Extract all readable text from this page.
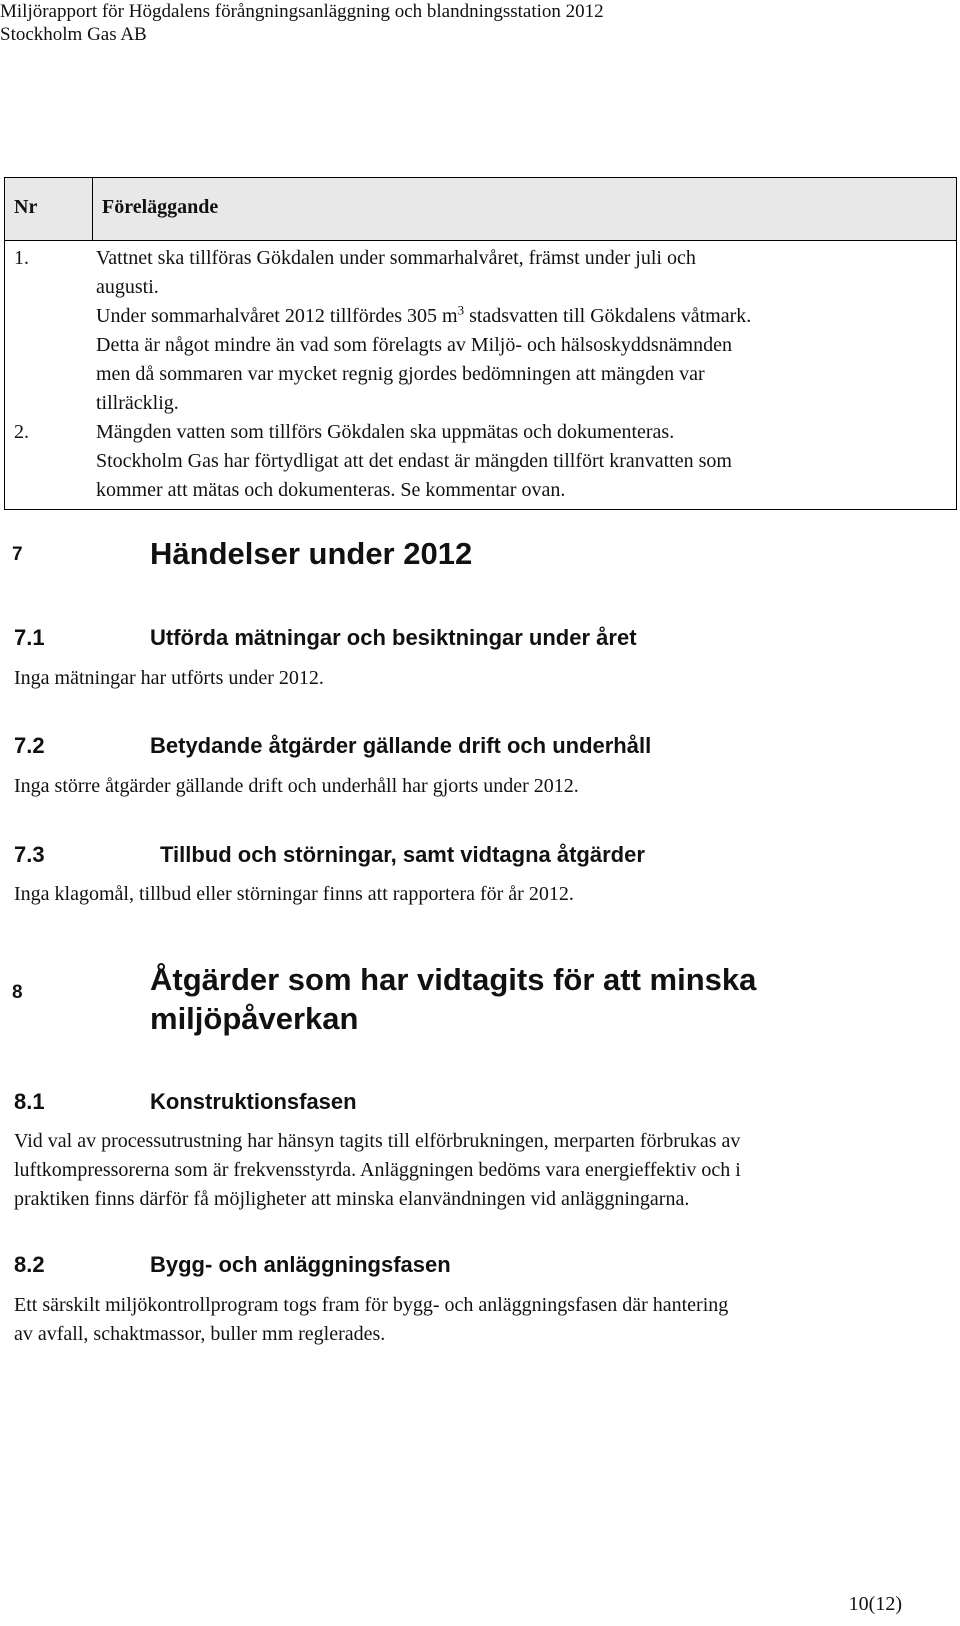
Miljörapport för Högdalens förångningsanläggning och blandningsstation 2012
Stockholm Gas AB
Nr	Föreläggande

1.	Vattnet ska tillföras Gökdalen under sommarhalvåret, främst under juli och
augusti.
Under sommarhalvåret 2012 tillfördes 305 $m^3$ stadsvatten till Gökdalens våtmark.
Detta är något mindre än vad som förelagts av Miljö- och hälsoskyddsnämnden
men då sommaren var mycket regnig gjordes bedömningen att mängden var
tillräcklig.
2.	Mängden vatten som tillförs Gökdalen ska uppmätas och dokumenteras.
Stockholm Gas har förtydligat att det endast är mängden tillfört kranvatten som
kommer att mätas och dokumenteras. Se kommentar ovan.
7	Händelser under 2012
7.1	Utförda mätningar och besiktningar under året
Inga mätningar har utförts under 2012.
7.2	Betydande åtgärder gällande drift och underhåll
Inga större åtgärder gällande drift och underhåll har gjorts under 2012.
7.3	Tillbud och störningar, samt vidtagna åtgärder
Inga klagomål, tillbud eller störningar finns att rapportera för år 2012.
8	Åtgärder som har vidtagits för att minska
miljöpåverkan
8.1	Konstruktionsfasen
Vid val av processutrustning har hänsyn tagits till elförbrukningen, merparten förbrukas av
luftkompressorerna som är frekvensstyrda. Anläggningen bedöms vara energieffektiv och i
praktiken finns därför få möjligheter att minska elanvändningen vid anläggningarna.
8.2	Bygg- och anläggningsfasen
Ett särskilt miljökontrollprogram togs fram för bygg- och anläggningsfasen där hantering
av avfall, schaktmassor, buller mm reglerades.
10(12)
